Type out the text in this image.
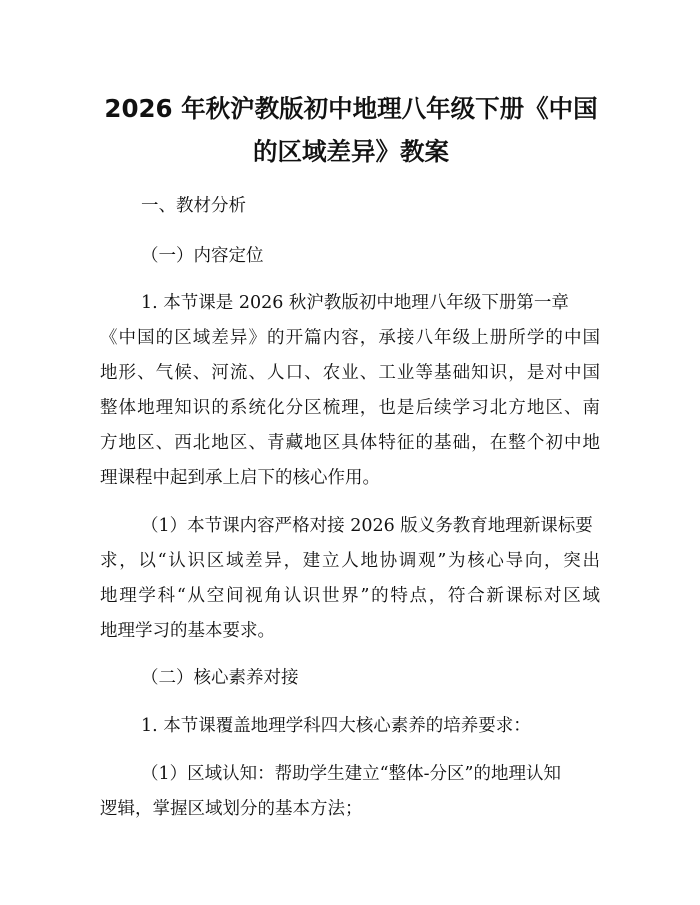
2026 年秋沪教版初中地理八年级下册《中国
的区域差异》教案

一、教材分析

（一）内容定位

1. 本节课是 2026 秋沪教版初中地理八年级下册第一章

《中国的区域差异》的开篇内容，承接八年级上册所学的中国

地形、气候、河流、人口、农业、工业等基础知识，是对中国

整体地理知识的系统化分区梳理，也是后续学习北方地区、南

方地区、西北地区、青藏地区具体特征的基础，在整个初中地

理课程中起到承上启下的核心作用。

（1）本节课内容严格对接 2026 版义务教育地理新课标要

求，以“认识区域差异，建立人地协调观”为核心导向，突出

地理学科“从空间视角认识世界”的特点，符合新课标对区域

地理学习的基本要求。

（二）核心素养对接

1. 本节课覆盖地理学科四大核心素养的培养要求：

（1）区域认知：帮助学生建立“整体-分区”的地理认知

逻辑，掌握区域划分的基本方法；
